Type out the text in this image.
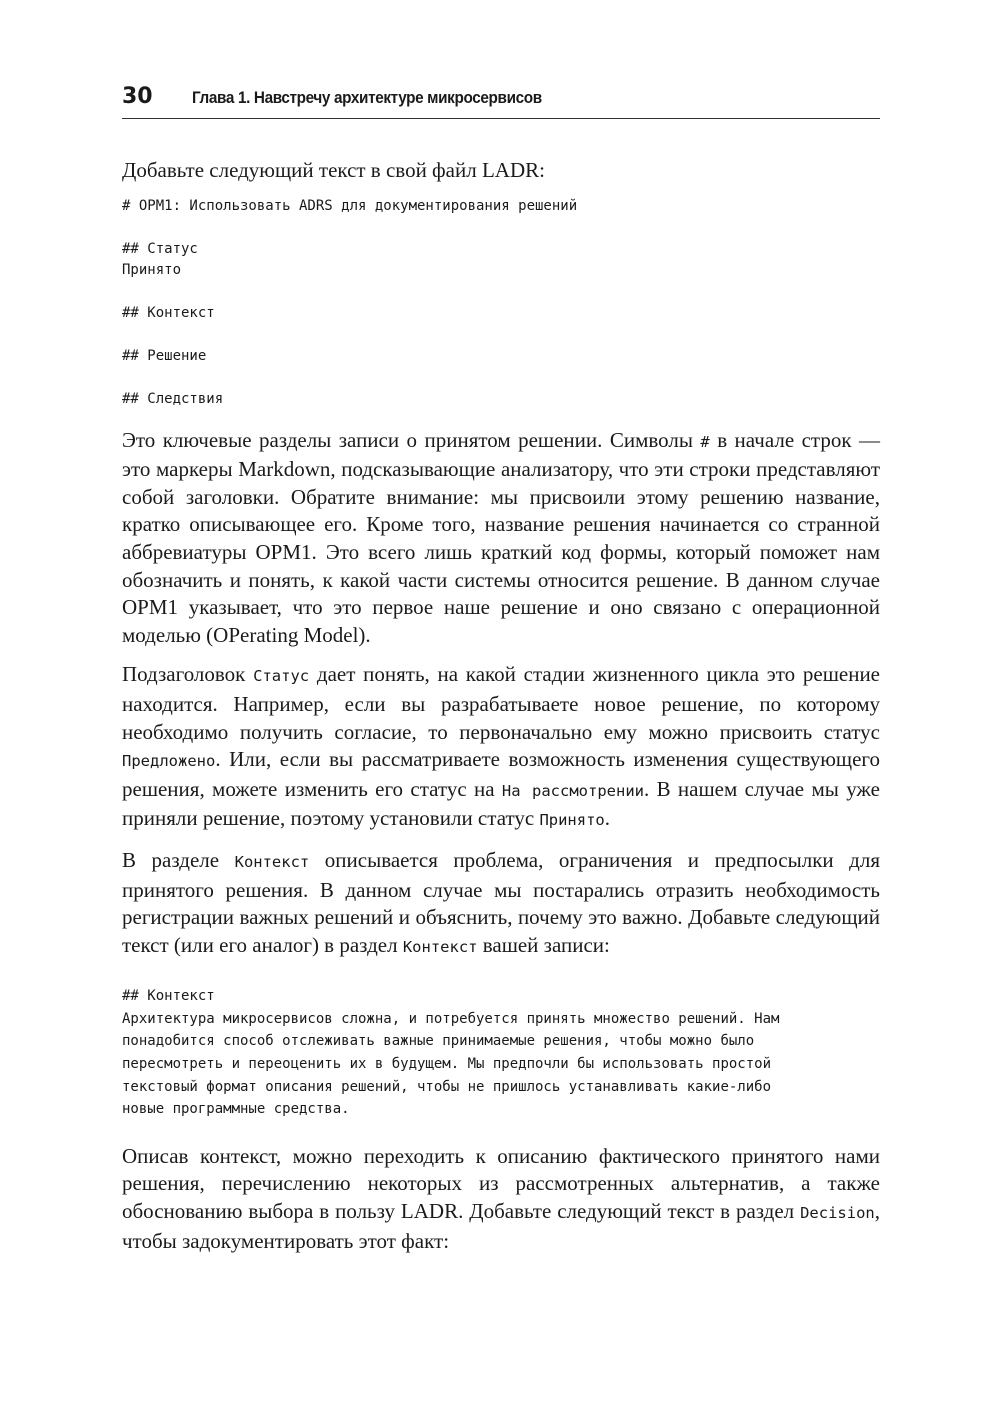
30	Глава 1. Навстречу архитектуре микросервисов

Добавьте следующий текст в свой файл LADR:

# OPM1: Использовать ADRS для документирования решений

## Статус

Принято

## Контекст

## Решение

## Следствия

Это ключевые разделы записи о принятом решении. Символы # в начале строк — это маркеры Markdown, подсказывающие анализатору, что эти строки представляют собой заголовки. Обратите внимание: мы присвоили этому решению название, кратко описывающее его. Кроме того, название решения начинается со странной аббревиатуры OPM1. Это всего лишь краткий код формы, который поможет нам обозначить и понять, к какой части системы относится решение. В данном случае OPM1 указывает, что это первое наше решение и оно связано с операционной моделью (OPerating Model).

Подзаголовок Статус дает понять, на какой стадии жизненного цикла это решение находится. Например, если вы разрабатываете новое решение, по которому необходимо получить согласие, то первоначально ему можно присвоить статус Предложено. Или, если вы рассматриваете возможность изменения существующего решения, можете изменить его статус на На рассмотрении. В нашем случае мы уже приняли решение, поэтому установили статус Принято.

В разделе Контекст описывается проблема, ограничения и предпосылки для принятого решения. В данном случае мы постарались отразить необходимость регистрации важных решений и объяснить, почему это важно. Добавьте следующий текст (или его аналог) в раздел Контекст вашей записи:

## Контекст

Архитектура микросервисов сложна, и потребуется принять множество решений. Нам

понадобится способ отслеживать важные принимаемые решения, чтобы можно было

пересмотреть и переоценить их в будущем. Мы предпочли бы использовать простой

текстовый формат описания решений, чтобы не пришлось устанавливать какие-либо

новые программные средства.

Описав контекст, можно переходить к описанию фактического принятого нами решения, перечислению некоторых из рассмотренных альтернатив, а также обоснованию выбора в пользу LADR. Добавьте следующий текст в раздел Decision, чтобы задокументировать этот факт:
